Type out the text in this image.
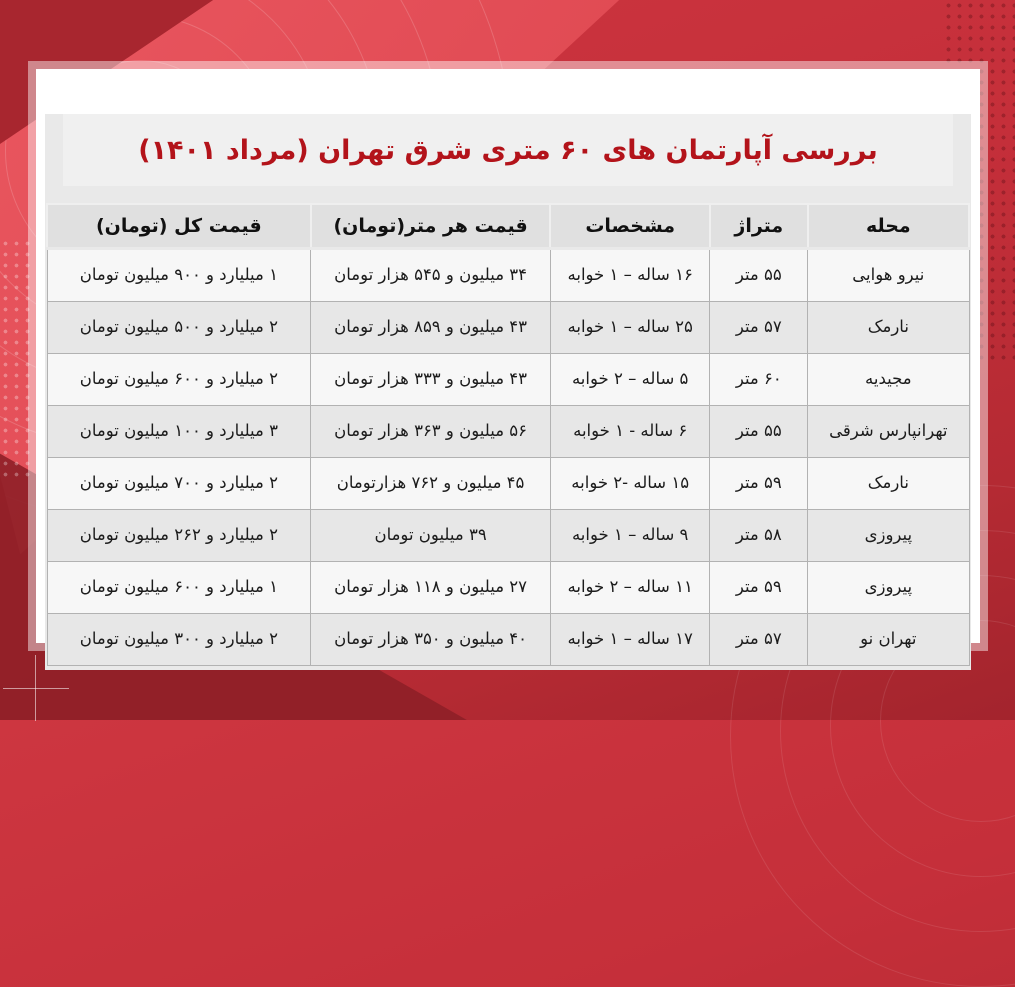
بررسی آپارتمان های ۶۰ متری شرق تهران (مرداد ۱۴۰۱)
محله	متراژ	مشخصات	قیمت هر متر(تومان)	قیمت کل (تومان)
نیرو هوایی	۵۵ متر	۱۶ ساله – ۱ خوابه	۳۴ میلیون و ۵۴۵ هزار تومان	۱ میلیارد و ۹۰۰ میلیون تومان
نارمک	۵۷ متر	۲۵ ساله – ۱ خوابه	۴۳ میلیون و ۸۵۹ هزار تومان	۲ میلیارد و ۵۰۰ میلیون تومان
مجیدیه	۶۰ متر	۵ ساله – ۲ خوابه	۴۳ میلیون و ۳۳۳ هزار تومان	۲ میلیارد و ۶۰۰ میلیون تومان
تهرانپارس شرقی	۵۵ متر	۶ ساله - ۱ خوابه	۵۶ میلیون و ۳۶۳ هزار تومان	۳ میلیارد و ۱۰۰ میلیون تومان
نارمک	۵۹ متر	۱۵ ساله -۲ خوابه	۴۵ میلیون و ۷۶۲ هزارتومان	۲ میلیارد و ۷۰۰ میلیون تومان
پیروزی	۵۸ متر	۹ ساله – ۱ خوابه	۳۹ میلیون تومان	۲ میلیارد و ۲۶۲ میلیون تومان
پیروزی	۵۹ متر	۱۱ ساله – ۲ خوابه	۲۷ میلیون و ۱۱۸ هزار تومان	۱ میلیارد و ۶۰۰ میلیون تومان
تهران نو	۵۷ متر	۱۷ ساله – ۱ خوابه	۴۰ میلیون و ۳۵۰ هزار تومان	۲ میلیارد و ۳۰۰ میلیون تومان
